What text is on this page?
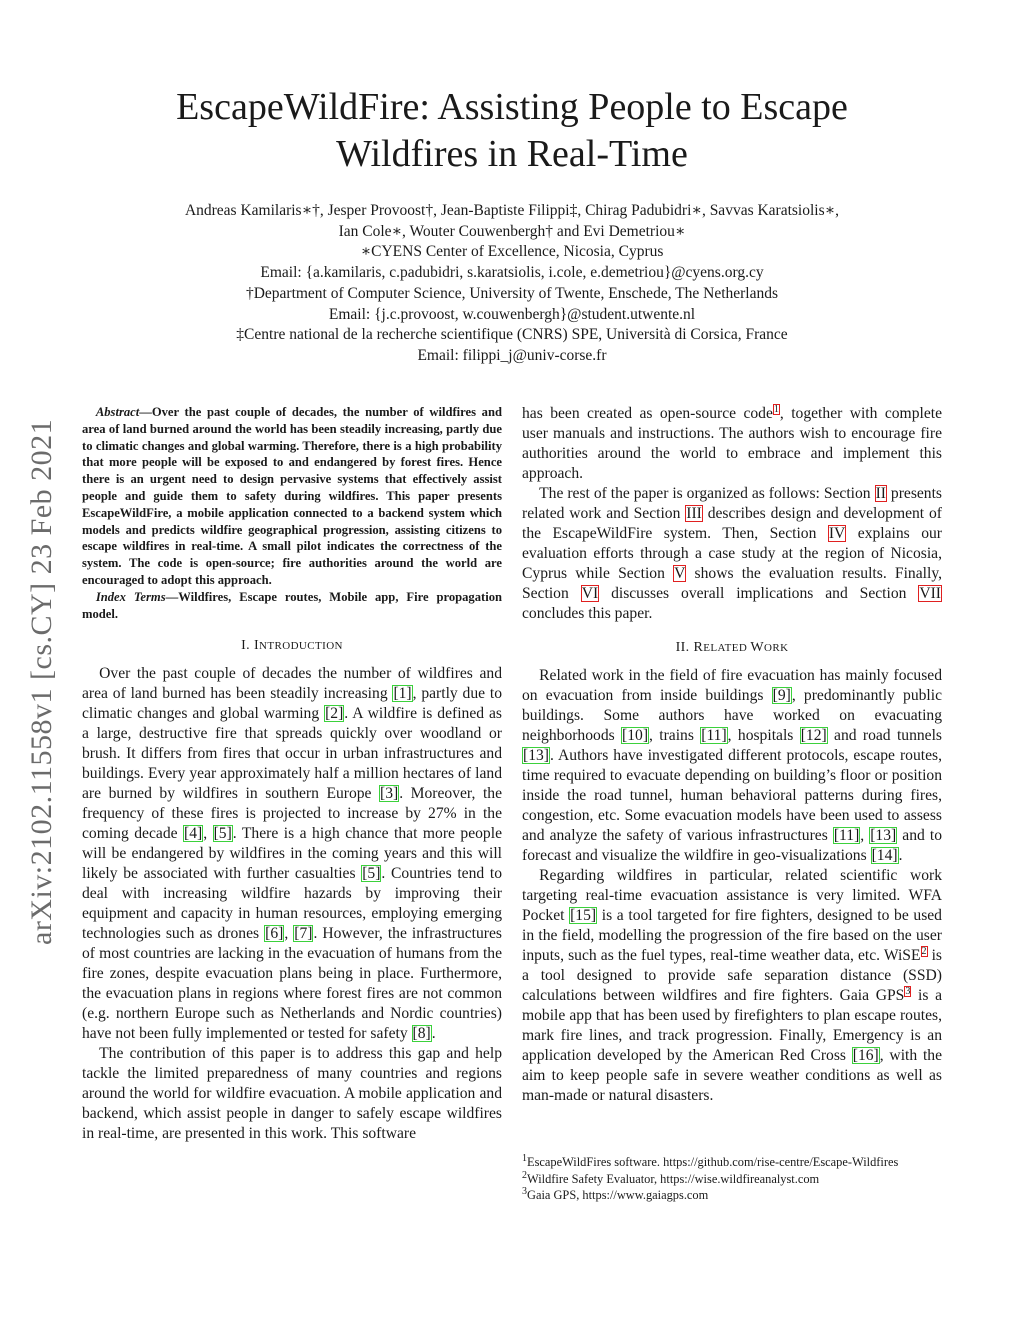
arXiv:2102.11558v1 [cs.CY] 23 Feb 2021
EscapeWildFire: Assisting People to Escape
Wildfires in Real-Time
Andreas Kamilaris∗†, Jesper Provoost†, Jean-Baptiste Filippi‡, Chirag Padubidri∗, Savvas Karatsiolis∗,
Ian Cole∗, Wouter Couwenbergh† and Evi Demetriou∗
∗CYENS Center of Excellence, Nicosia, Cyprus
Email: {a.kamilaris, c.padubidri, s.karatsiolis, i.cole, e.demetriou}@cyens.org.cy
†Department of Computer Science, University of Twente, Enschede, The Netherlands
Email: {j.c.provoost, w.couwenbergh}@student.utwente.nl
‡Centre national de la recherche scientifique (CNRS) SPE, Università di Corsica, France
Email: filippi_j@univ-corse.fr

Abstract—Over the past couple of decades, the number of wildfires and area of land burned around the world has been steadily increasing, partly due to climatic changes and global warming. Therefore, there is a high probability that more people will be exposed to and endangered by forest fires. Hence there is an urgent need to design pervasive systems that effectively assist people and guide them to safety during wildfires. This paper presents EscapeWildFire, a mobile application connected to a backend system which models and predicts wildfire geographical progression, assisting citizens to escape wildfires in real-time. A small pilot indicates the correctness of the system. The code is open-source; fire authorities around the world are encouraged to adopt this approach.

Index Terms—Wildfires, Escape routes, Mobile app, Fire propagation model.

I. INTRODUCTION

Over the past couple of decades the number of wildfires and area of land burned has been steadily increasing [1], partly due to climatic changes and global warming [2]. A wildfire is defined as a large, destructive fire that spreads quickly over woodland or brush. It differs from fires that occur in urban infrastructures and buildings. Every year approximately half a million hectares of land are burned by wildfires in southern Europe [3]. Moreover, the frequency of these fires is projected to increase by 27% in the coming decade [4], [5]. There is a high chance that more people will be endangered by wildfires in the coming years and this will likely be associated with further casualties [5]. Countries tend to deal with increasing wildfire hazards by improving their equipment and capacity in human resources, employing emerging technologies such as drones [6], [7]. However, the infrastructures of most countries are lacking in the evacuation of humans from the fire zones, despite evacuation plans being in place. Furthermore, the evacuation plans in regions where forest fires are not common (e.g. northern Europe such as Netherlands and Nordic countries) have not been fully implemented or tested for safety [8].

The contribution of this paper is to address this gap and help tackle the limited preparedness of many countries and regions around the world for wildfire evacuation. A mobile application and backend, which assist people in danger to safely escape wildfires in real-time, are presented in this work. This software

has been created as open-source code$^1$, together with complete user manuals and instructions. The authors wish to encourage fire authorities around the world to embrace and implement this approach.

The rest of the paper is organized as follows: Section II presents related work and Section III describes design and development of the EscapeWildFire system. Then, Section IV explains our evaluation efforts through a case study at the region of Nicosia, Cyprus while Section V shows the evaluation results. Finally, Section VI discusses overall implications and Section VII concludes this paper.

II. RELATED WORK

Related work in the field of fire evacuation has mainly focused on evacuation from inside buildings [9], predominantly public buildings. Some authors have worked on evacuating neighborhoods [10], trains [11], hospitals [12] and road tunnels [13]. Authors have investigated different protocols, escape routes, time required to evacuate depending on building’s floor or position inside the road tunnel, human behavioral patterns during fires, congestion, etc. Some evacuation models have been used to assess and analyze the safety of various infrastructures [11], [13] and to forecast and visualize the wildfire in geo-visualizations [14].

Regarding wildfires in particular, related scientific work targeting real-time evacuation assistance is very limited. WFA Pocket [15] is a tool targeted for fire fighters, designed to be used in the field, modelling the progression of the fire based on the user inputs, such as the fuel types, real-time weather data, etc. WiSE$^2$ is a tool designed to provide safe separation distance (SSD) calculations between wildfires and fire fighters. Gaia GPS$^3$ is a mobile app that has been used by firefighters to plan escape routes, mark fire lines, and track progression. Finally, Emergency is an application developed by the American Red Cross [16], with the aim to keep people safe in severe weather conditions as well as man-made or natural disasters.

$^1$EscapeWildFires software. https://github.com/rise-centre/Escape-Wildfires
$^2$Wildfire Safety Evaluator, https://wise.wildfireanalyst.com
$^3$Gaia GPS, https://www.gaiagps.com
